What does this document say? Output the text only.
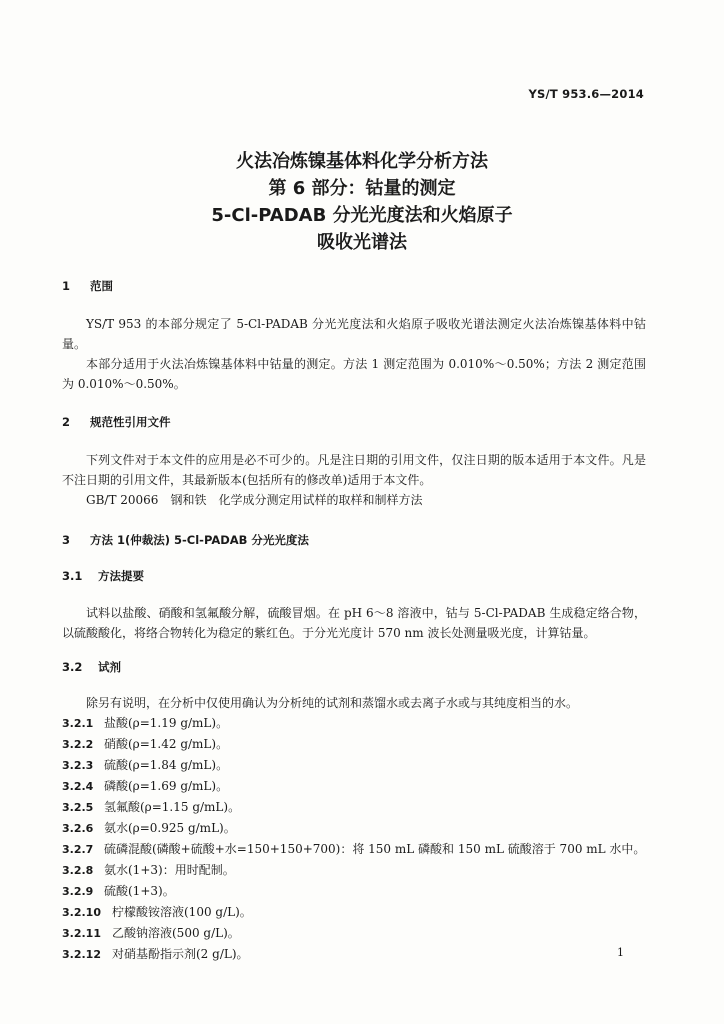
YS/T 953.6—2014
火法冶炼镍基体料化学分析方法
第 6 部分：钴量的测定
5-Cl-PADAB 分光光度法和火焰原子
吸收光谱法
1 范围

YS/T 953 的本部分规定了 5-Cl-PADAB 分光光度法和火焰原子吸收光谱法测定火法冶炼镍基体料中钴量。

本部分适用于火法冶炼镍基体料中钴量的测定。方法 1 测定范围为 0.010%～0.50%；方法 2 测定范围为 0.010%～0.50%。

2 规范性引用文件

下列文件对于本文件的应用是必不可少的。凡是注日期的引用文件，仅注日期的版本适用于本文件。凡是不注日期的引用文件，其最新版本(包括所有的修改单)适用于本文件。

GB/T 20066　钢和铁　化学成分测定用试样的取样和制样方法
3 方法 1(仲裁法) 5-Cl-PADAB 分光光度法
3.1 方法提要

试料以盐酸、硝酸和氢氟酸分解，硫酸冒烟。在 pH 6～8 溶液中，钴与 5-Cl-PADAB 生成稳定络合物，以硫酸酸化，将络合物转化为稳定的紫红色。于分光光度计 570 nm 波长处测量吸光度，计算钴量。

3.2 试剂

除另有说明，在分析中仅使用确认为分析纯的试剂和蒸馏水或去离子水或与其纯度相当的水。

3.2.1 盐酸(ρ=1.19 g/mL)。
3.2.2 硝酸(ρ=1.42 g/mL)。
3.2.3 硫酸(ρ=1.84 g/mL)。
3.2.4 磷酸(ρ=1.69 g/mL)。
3.2.5 氢氟酸(ρ=1.15 g/mL)。
3.2.6 氨水(ρ=0.925 g/mL)。
3.2.7 硫磷混酸(磷酸+硫酸+水=150+150+700)：将 150 mL 磷酸和 150 mL 硫酸溶于 700 mL 水中。
3.2.8 氨水(1+3)：用时配制。
3.2.9 硫酸(1+3)。
3.2.10 柠檬酸铵溶液(100 g/L)。
3.2.11 乙酸钠溶液(500 g/L)。
3.2.12 对硝基酚指示剂(2 g/L)。	1
